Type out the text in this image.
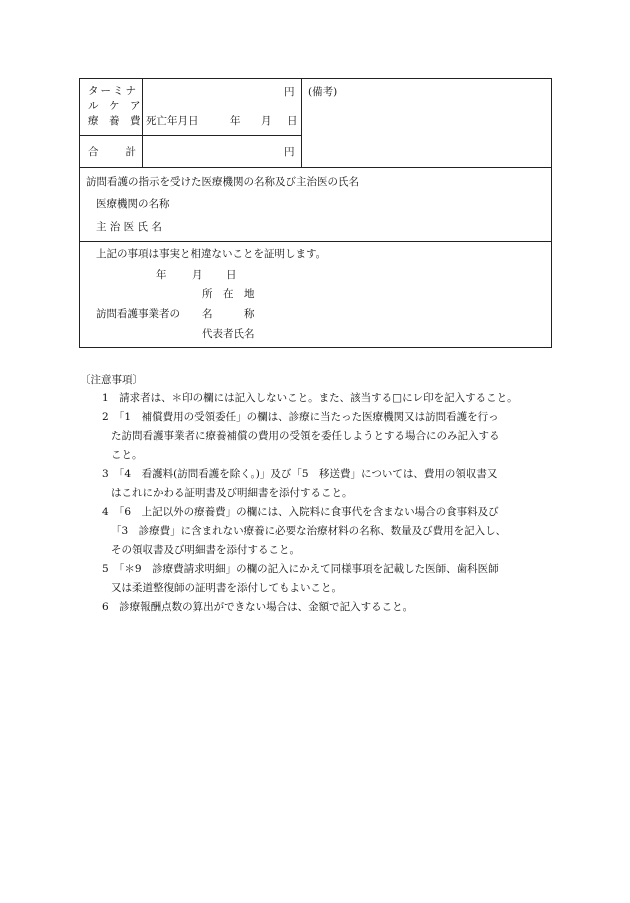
ターミナ
ル　ケ　ア
療　養　費
円
死亡年月日	年 月 日
(備考)
合　　計	円
訪問看護の指示を受けた医療機関の名称及び主治医の氏名
医療機関の名称
主 治 医 氏 名
上記の事項は事実と相違ないことを証明します。
年 月 日
所　在　地
訪問看護事業者の 名　　　称
代表者氏名
〔注意事項〕
1　請求者は、＊印の欄には記入しないこと。また、該当する□にレ印を記入すること。
2　「1　補償費用の受領委任」の欄は、診療に当たった医療機関又は訪問看護を行っ
た訪問看護事業者に療養補償の費用の受領を委任しようとする場合にのみ記入する
こと。
3　「4　看護料(訪問看護を除く。)」及び「5　移送費」については、費用の領収書又
はこれにかわる証明書及び明細書を添付すること。
4　「6　上記以外の療養費」の欄には、入院料に食事代を含まない場合の食事料及び
「3　診療費」に含まれない療養に必要な治療材料の名称、数量及び費用を記入し、
その領収書及び明細書を添付すること。
5　「＊9　診療費請求明細」の欄の記入にかえて同様事項を記載した医師、歯科医師
又は柔道整復師の証明書を添付してもよいこと。
6　診療報酬点数の算出ができない場合は、金額で記入すること。
